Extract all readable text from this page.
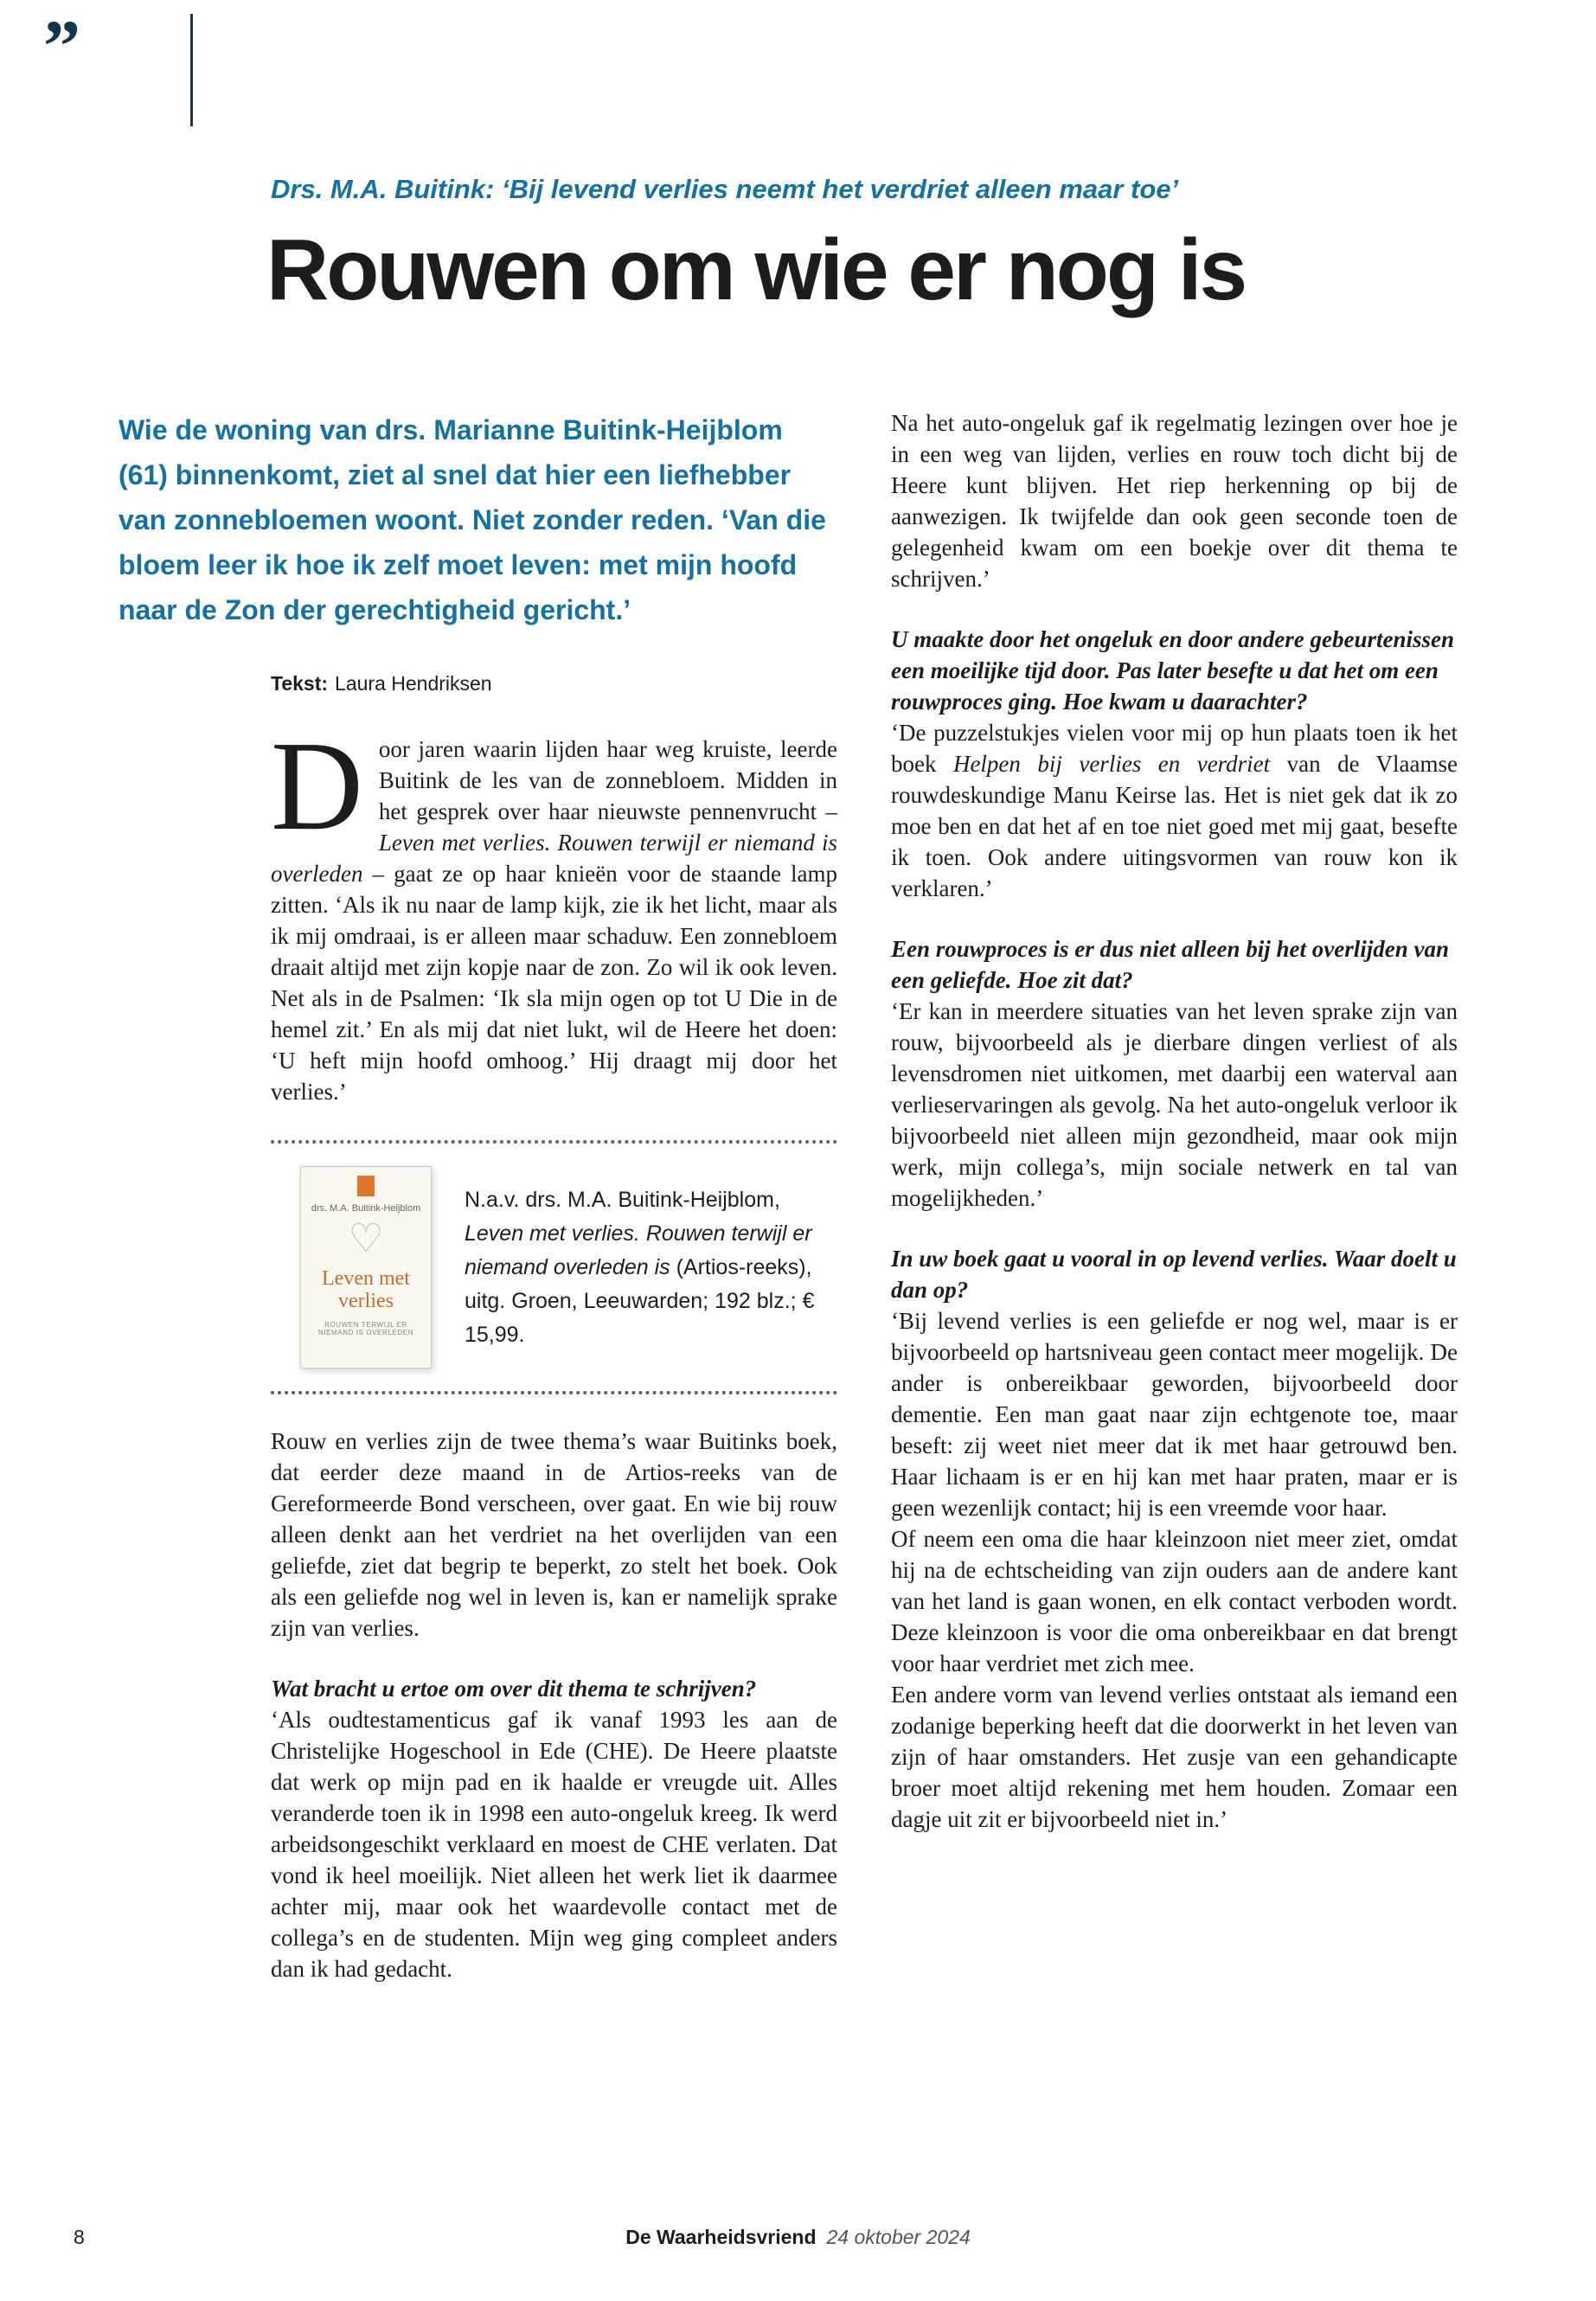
”
Drs. M.A. Buitink: ‘Bij levend verlies neemt het verdriet alleen maar toe’
Rouwen om wie er nog is

Wie de woning van drs. Marianne Buitink-Heijblom (61) binnenkomt, ziet al snel dat hier een liefhebber van zonnebloemen woont. Niet zonder reden. ‘Van die bloem leer ik hoe ik zelf moet leven: met mijn hoofd naar de Zon der gerechtigheid gericht.’

Tekst: Laura Hendriksen

Door jaren waarin lijden haar weg kruiste, leerde Buitink de les van de zonnebloem. Midden in het gesprek over haar nieuwste pennenvrucht – Leven met verlies. Rouwen terwijl er niemand is overleden – gaat ze op haar knieën voor de staande lamp zitten. ‘Als ik nu naar de lamp kijk, zie ik het licht, maar als ik mij omdraai, is er alleen maar schaduw. Een zonnebloem draait altijd met zijn kopje naar de zon. Zo wil ik ook leven. Net als in de Psalmen: ‘Ik sla mijn ogen op tot U Die in de hemel zit.’ En als mij dat niet lukt, wil de Heere het doen: ‘U heft mijn hoofd omhoog.’ Hij draagt mij door het verlies.’

drs. M.A. Buitink-Heijblom
♡
Leven met verlies
ROUWEN TERWIJL ER NIEMAND IS OVERLEDEN

N.a.v. drs. M.A. Buitink-Heijblom, Leven met verlies. Rouwen terwijl er niemand overleden is (Artios-reeks), uitg. Groen, Leeuwarden; 192 blz.; € 15,99.

Rouw en verlies zijn de twee thema’s waar Buitinks boek, dat eerder deze maand in de Artios-reeks van de Gereformeerde Bond verscheen, over gaat. En wie bij rouw alleen denkt aan het verdriet na het overlijden van een geliefde, ziet dat begrip te beperkt, zo stelt het boek. Ook als een geliefde nog wel in leven is, kan er namelijk sprake zijn van verlies.

Wat bracht u ertoe om over dit thema te schrijven?

‘Als oudtestamenticus gaf ik vanaf 1993 les aan de Christelijke Hogeschool in Ede (CHE). De Heere plaatste dat werk op mijn pad en ik haalde er vreugde uit. Alles veranderde toen ik in 1998 een auto-ongeluk kreeg. Ik werd arbeidsongeschikt verklaard en moest de CHE verlaten. Dat vond ik heel moeilijk. Niet alleen het werk liet ik daarmee achter mij, maar ook het waardevolle contact met de collega’s en de studenten. Mijn weg ging compleet anders dan ik had gedacht.

Na het auto-ongeluk gaf ik regelmatig lezingen over hoe je in een weg van lijden, verlies en rouw toch dicht bij de Heere kunt blijven. Het riep herkenning op bij de aanwezigen. Ik twijfelde dan ook geen seconde toen de gelegenheid kwam om een boekje over dit thema te schrijven.’

U maakte door het ongeluk en door andere gebeurtenissen een moeilijke tijd door. Pas later besefte u dat het om een rouwproces ging. Hoe kwam u daarachter?

‘De puzzelstukjes vielen voor mij op hun plaats toen ik het boek Helpen bij verlies en verdriet van de Vlaamse rouwdeskundige Manu Keirse las. Het is niet gek dat ik zo moe ben en dat het af en toe niet goed met mij gaat, besefte ik toen. Ook andere uitingsvormen van rouw kon ik verklaren.’

Een rouwproces is er dus niet alleen bij het overlijden van een geliefde. Hoe zit dat?

‘Er kan in meerdere situaties van het leven sprake zijn van rouw, bijvoorbeeld als je dierbare dingen verliest of als levensdromen niet uitkomen, met daarbij een waterval aan verlieservaringen als gevolg. Na het auto-ongeluk verloor ik bijvoorbeeld niet alleen mijn gezondheid, maar ook mijn werk, mijn collega’s, mijn sociale netwerk en tal van mogelijkheden.’

In uw boek gaat u vooral in op levend verlies. Waar doelt u dan op?

‘Bij levend verlies is een geliefde er nog wel, maar is er bijvoorbeeld op hartsniveau geen contact meer mogelijk. De ander is onbereikbaar geworden, bijvoorbeeld door dementie. Een man gaat naar zijn echtgenote toe, maar beseft: zij weet niet meer dat ik met haar getrouwd ben. Haar lichaam is er en hij kan met haar praten, maar er is geen wezenlijk contact; hij is een vreemde voor haar.

Of neem een oma die haar kleinzoon niet meer ziet, omdat hij na de echtscheiding van zijn ouders aan de andere kant van het land is gaan wonen, en elk contact verboden wordt. Deze kleinzoon is voor die oma onbereikbaar en dat brengt voor haar verdriet met zich mee.

Een andere vorm van levend verlies ontstaat als iemand een zodanige beperking heeft dat die doorwerkt in het leven van zijn of haar omstanders. Het zusje van een gehandicapte broer moet altijd rekening met hem houden. Zomaar een dagje uit zit er bijvoorbeeld niet in.’

8	De Waarheidsvriend 24 oktober 2024
